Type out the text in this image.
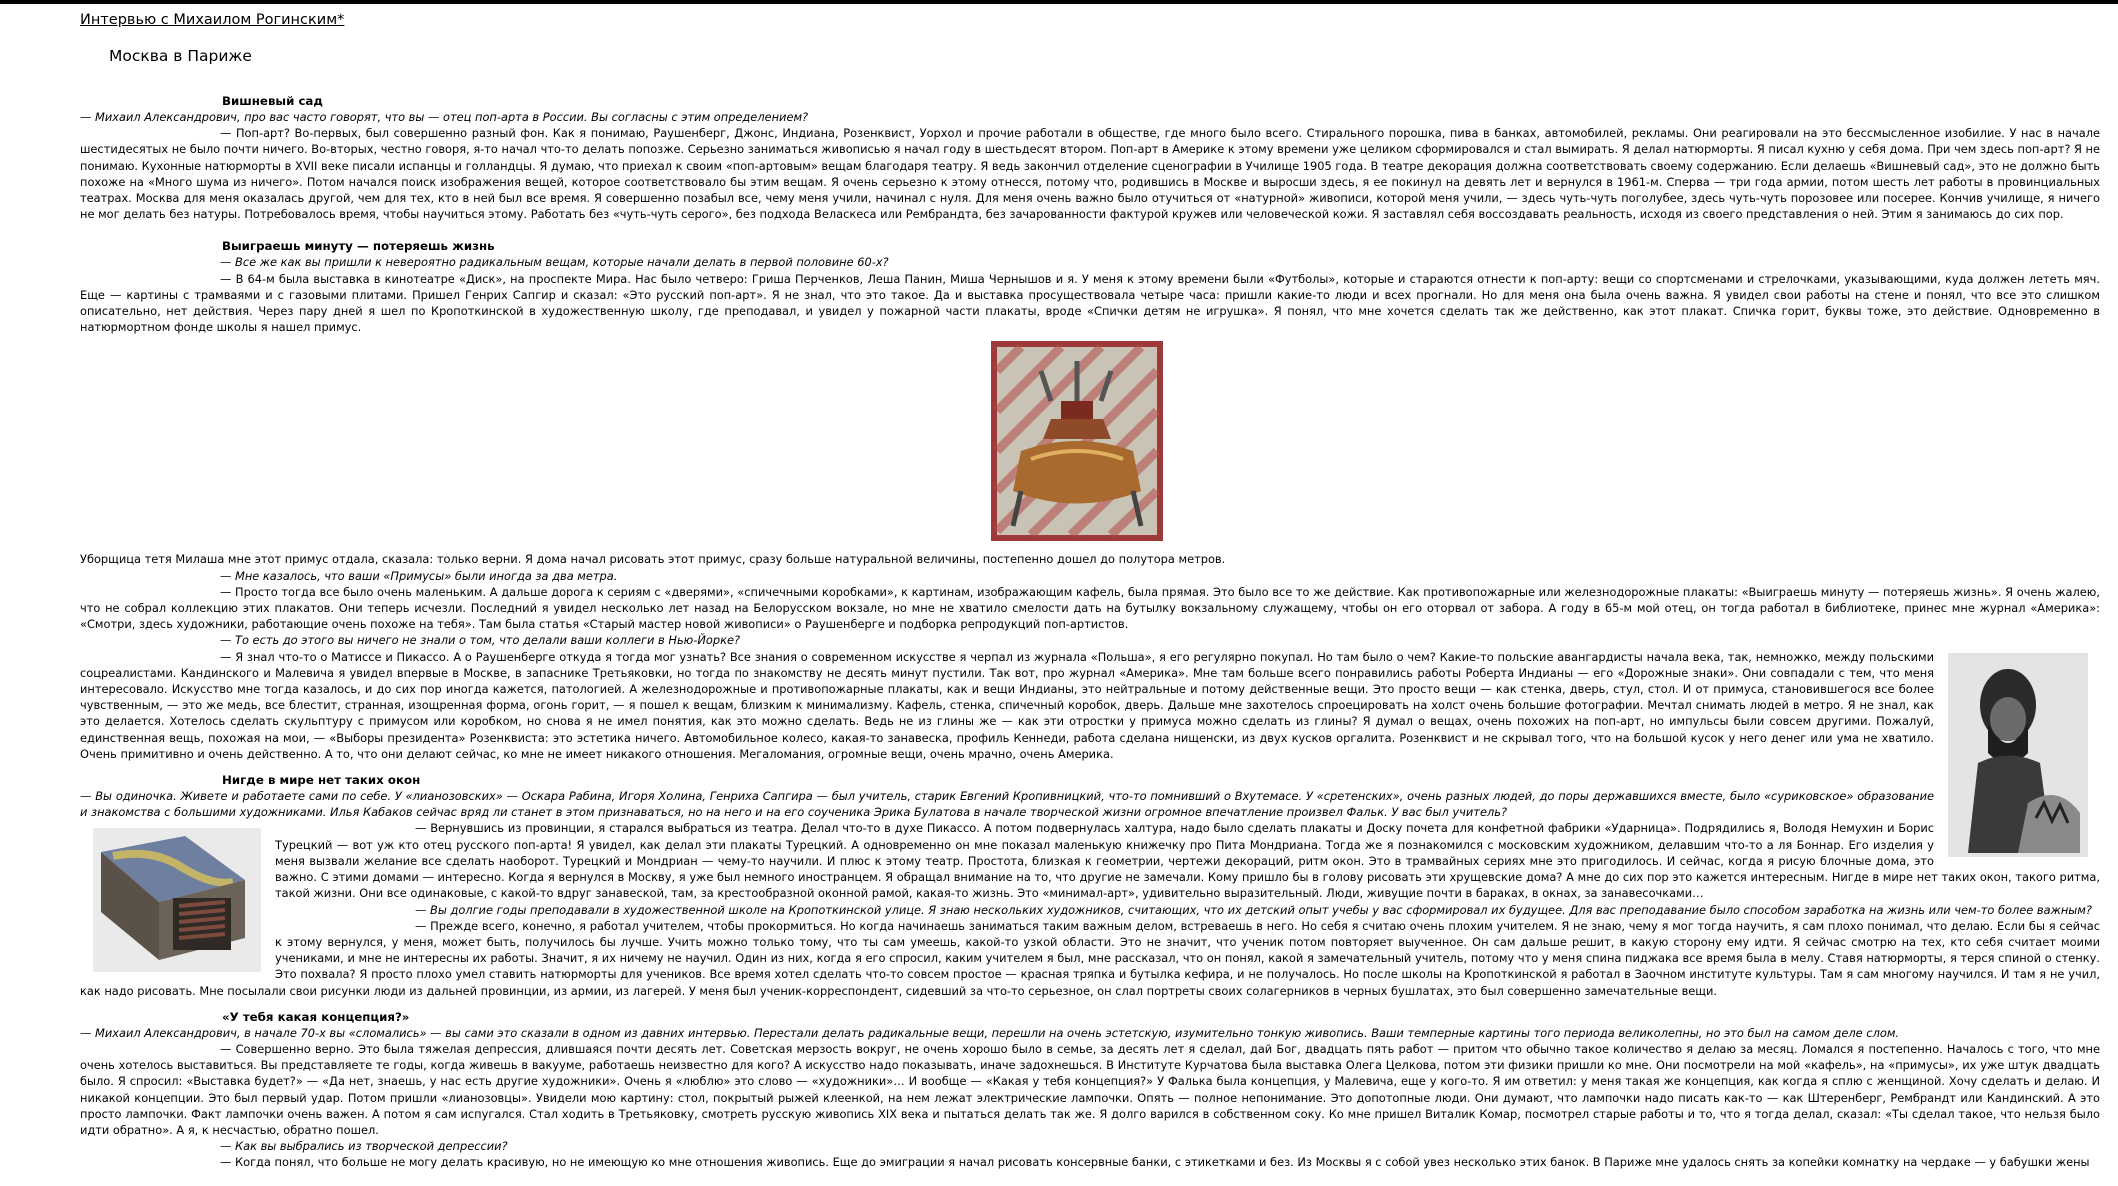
Интервью с Михаилом Рогинским*
Москва в Париже
Вишневый сад

— Михаил Александрович, про вас часто говорят, что вы — отец поп-арта в России. Вы согласны с этим определением?

— Поп-арт? Во-первых, был совершенно разный фон. Как я понимаю, Раушенберг, Джонс, Индиана, Розенквист, Уорхол и прочие работали в обществе, где много было всего. Стирального порошка, пива в банках, автомобилей, рекламы. Они реагировали на это бессмысленное изобилие. У нас в начале шестидесятых не было почти ничего. Во-вторых, честно говоря, я-то начал что-то делать попозже. Серьезно заниматься живописью я начал году в шестьдесят втором. Поп-арт в Америке к этому времени уже целиком сформировался и стал вымирать. Я делал натюрморты. Я писал кухню у себя дома. При чем здесь поп-арт? Я не понимаю. Кухонные натюрморты в XVII веке писали испанцы и голландцы. Я думаю, что приехал к своим «поп-артовым» вещам благодаря театру. Я ведь закончил отделение сценографии в Училище 1905 года. В театре декорация должна соответствовать своему содержанию. Если делаешь «Вишневый сад», это не должно быть похоже на «Много шума из ничего». Потом начался поиск изображения вещей, которое соответствовало бы этим вещам. Я очень серьезно к этому отнесся, потому что, родившись в Москве и выросши здесь, я ее покинул на девять лет и вернулся в 1961-м. Сперва — три года армии, потом шесть лет работы в провинциальных театрах. Москва для меня оказалась другой, чем для тех, кто в ней был все время. Я совершенно позабыл все, чему меня учили, начинал с нуля. Для меня очень важно было отучиться от «натурной» живописи, которой меня учили, — здесь чуть-чуть поголубее, здесь чуть-чуть порозовее или посерее. Кончив училище, я ничего не мог делать без натуры. Потребовалось время, чтобы научиться этому. Работать без «чуть-чуть серого», без подхода Веласкеса или Рембрандта, без зачарованности фактурой кружев или человеческой кожи. Я заставлял себя воссоздавать реальность, исходя из своего представления о ней. Этим я занимаюсь до сих пор.

Выиграешь минуту — потеряешь жизнь

— Все же как вы пришли к невероятно радикальным вещам, которые начали делать в первой половине 60-х?

— В 64-м была выставка в кинотеатре «Диск», на проспекте Мира. Нас было четверо: Гриша Перченков, Леша Панин, Миша Чернышов и я. У меня к этому времени были «Футболы», которые и стараются отнести к поп-арту: вещи со спортсменами и стрелочками, указывающими, куда должен лететь мяч. Еще — картины с трамваями и с газовыми плитами. Пришел Генрих Сапгир и сказал: «Это русский поп-арт». Я не знал, что это такое. Да и выставка просуществовала четыре часа: пришли какие-то люди и всех прогнали. Но для меня она была очень важна. Я увидел свои работы на стене и понял, что все это слишком описательно, нет действия. Через пару дней я шел по Кропоткинской в художественную школу, где преподавал, и увидел у пожарной части плакаты, вроде «Спички детям не игрушка». Я понял, что мне хочется сделать так же действенно, как этот плакат. Спичка горит, буквы тоже, это действие. Одновременно в натюрмортном фонде школы я нашел примус.

Уборщица тетя Милаша мне этот примус отдала, сказала: только верни. Я дома начал рисовать этот примус, сразу больше натуральной величины, постепенно дошел до полутора метров.

— Мне казалось, что ваши «Примусы» были иногда за два метра.

— Просто тогда все было очень маленьким. А дальше дорога к сериям с «дверями», «спичечными коробками», к картинам, изображающим кафель, была прямая. Это было все то же действие. Как противопожарные или железнодорожные плакаты: «Выиграешь минуту — потеряешь жизнь». Я очень жалею, что не собрал коллекцию этих плакатов. Они теперь исчезли. Последний я увидел несколько лет назад на Белорусском вокзале, но мне не хватило смелости дать на бутылку вокзальному служащему, чтобы он его оторвал от забора. А году в 65-м мой отец, он тогда работал в библиотеке, принес мне журнал «Америка»: «Смотри, здесь художники, работающие очень похоже на тебя». Там была статья «Старый мастер новой живописи» о Раушенберге и подборка репродукций поп-артистов.

— То есть до этого вы ничего не знали о том, что делали ваши коллеги в Нью-Йорке?

— Я знал что-то о Матиссе и Пикассо. А о Раушенберге откуда я тогда мог узнать? Все знания о современном искусстве я черпал из журнала «Польша», я его регулярно покупал. Но там было о чем? Какие-то польские авангардисты начала века, так, немножко, между польскими соцреалистами. Кандинского и Малевича я увидел впервые в Москве, в запаснике Третьяковки, но тогда по знакомству не десять минут пустили. Так вот, про журнал «Америка». Мне там больше всего понравились работы Роберта Индианы — его «Дорожные знаки». Они совпадали с тем, что меня интересовало. Искусство мне тогда казалось, и до сих пор иногда кажется, патологией. А железнодорожные и противопожарные плакаты, как и вещи Индианы, это нейтральные и потому действенные вещи. Это просто вещи — как стенка, дверь, стул, стол. И от примуса, становившегося все более чувственным, — это же медь, все блестит, странная, изощренная форма, огонь горит, — я пошел к вещам, близким к минимализму. Кафель, стенка, спичечный коробок, дверь. Дальше мне захотелось спроецировать на холст очень большие фотографии. Мечтал снимать людей в метро. Я не знал, как это делается. Хотелось сделать скульптуру с примусом или коробком, но снова я не имел понятия, как это можно сделать. Ведь не из глины же — как эти отростки у примуса можно сделать из глины? Я думал о вещах, очень похожих на поп-арт, но импульсы были совсем другими. Пожалуй, единственная вещь, похожая на мои, — «Выборы президента» Розенквиста: это эстетика ничего. Автомобильное колесо, какая-то занавеска, профиль Кеннеди, работа сделана нищенски, из двух кусков оргалита. Розенквист и не скрывал того, что на большой кусок у него денег или ума не хватило. Очень примитивно и очень действенно. А то, что они делают сейчас, ко мне не имеет никакого отношения. Мегаломания, огромные вещи, очень мрачно, очень Америка.

Нигде в мире нет таких окон

— Вы одиночка. Живете и работаете сами по себе. У «лианозовских» — Оскара Рабина, Игоря Холина, Генриха Сапгира — был учитель, старик Евгений Кропивницкий, что-то помнивший о Вхутемасе. У «сретенских», очень разных людей, до поры державшихся вместе, было «суриковское» образование и знакомства с большими художниками. Илья Кабаков сейчас вряд ли станет в этом признаваться, но на него и на его соученика Эрика Булатова в начале творческой жизни огромное впечатление произвел Фальк. У вас был учитель?

— Вернувшись из провинции, я старался выбраться из театра. Делал что-то в духе Пикассо. А потом подвернулась халтура, надо было сделать плакаты и Доску почета для конфетной фабрики «Ударница». Подрядились я, Володя Немухин и Борис Турецкий — вот уж кто отец русского поп-арта! Я увидел, как делал эти плакаты Турецкий. А одновременно он мне показал маленькую книжечку про Пита Мондриана. Тогда же я познакомился с московским художником, делавшим что-то а ля Боннар. Его изделия у меня вызвали желание все сделать наоборот. Турецкий и Мондриан — чему-то научили. И плюс к этому театр. Простота, близкая к геометрии, чертежи декораций, ритм окон. Это в трамвайных сериях мне это пригодилось. И сейчас, когда я рисую блочные дома, это важно. С этими домами — интересно. Когда я вернулся в Москву, я уже был немного иностранцем. Я обращал внимание на то, что другие не замечали. Кому пришло бы в голову рисовать эти хрущевские дома? А мне до сих пор это кажется интересным. Нигде в мире нет таких окон, такого ритма, такой жизни. Они все одинаковые, с какой-то вдруг занавеской, там, за крестообразной оконной рамой, какая-то жизнь. Это «минимал-арт», удивительно выразительный. Люди, живущие почти в бараках, в окнах, за занавесочками…

— Вы долгие годы преподавали в художественной школе на Кропоткинской улице. Я знаю нескольких художников, считающих, что их детский опыт учебы у вас сформировал их будущее. Для вас преподавание было способом заработка на жизнь или чем-то более важным?

— Прежде всего, конечно, я работал учителем, чтобы прокормиться. Но когда начинаешь заниматься таким важным делом, встреваешь в него. Но себя я считаю очень плохим учителем. Я не знаю, чему я мог тогда научить, я сам плохо понимал, что делаю. Если бы я сейчас к этому вернулся, у меня, может быть, получилось бы лучше. Учить можно только тому, что ты сам умеешь, какой-то узкой области. Это не значит, что ученик потом повторяет выученное. Он сам дальше решит, в какую сторону ему идти. Я сейчас смотрю на тех, кто себя считает моими учениками, и мне не интересны их работы. Значит, я их ничему не научил. Один из них, когда я его спросил, каким учителем я был, мне рассказал, что он понял, какой я замечательный учитель, потому что у меня спина пиджака все время была в мелу. Ставя натюрморты, я терся спиной о стенку. Это похвала? Я просто плохо умел ставить натюрморты для учеников. Все время хотел сделать что-то совсем простое — красная тряпка и бутылка кефира, и не получалось. Но после школы на Кропоткинской я работал в Заочном институте культуры. Там я сам многому научился. И там я не учил, как надо рисовать. Мне посылали свои рисунки люди из дальней провинции, из армии, из лагерей. У меня был ученик-корреспондент, сидевший за что-то серьезное, он слал портреты своих солагерников в черных бушлатах, это был совершенно замечательные вещи.

«У тебя какая концепция?»

— Михаил Александрович, в начале 70-х вы «сломались» — вы сами это сказали в одном из давних интервью. Перестали делать радикальные вещи, перешли на очень эстетскую, изумительно тонкую живопись. Ваши темперные картины того периода великолепны, но это был на самом деле слом.

— Совершенно верно. Это была тяжелая депрессия, длившаяся почти десять лет. Советская мерзость вокруг, не очень хорошо было в семье, за десять лет я сделал, дай Бог, двадцать пять работ — притом что обычно такое количество я делаю за месяц. Ломался я постепенно. Началось с того, что мне очень хотелось выставиться. Вы представляете те годы, когда живешь в вакууме, работаешь неизвестно для кого? А искусство надо показывать, иначе задохнешься. В Институте Курчатова была выставка Олега Целкова, потом эти физики пришли ко мне. Они посмотрели на мой «кафель», на «примусы», их уже штук двадцать было. Я спросил: «Выставка будет?» — «Да нет, знаешь, у нас есть другие художники». Очень я «люблю» это слово — «художники»… И вообще — «Какая у тебя концепция?» У Фалька была концепция, у Малевича, еще у кого-то. Я им ответил: у меня такая же концепция, как когда я сплю с женщиной. Хочу сделать и делаю. И никакой концепции. Это был первый удар. Потом пришли «лианозовцы». Увидели мою картину: стол, покрытый рыжей клеенкой, на нем лежат электрические лампочки. Опять — полное непонимание. Это допотопные люди. Они думают, что лампочки надо писать как-то — как Штеренберг, Рембрандт или Кандинский. А это просто лампочки. Факт лампочки очень важен. А потом я сам испугался. Стал ходить в Третьяковку, смотреть русскую живопись XIX века и пытаться делать так же. Я долго варился в собственном соку. Ко мне пришел Виталик Комар, посмотрел старые работы и то, что я тогда делал, сказал: «Ты сделал такое, что нельзя было идти обратно». А я, к несчастью, обратно пошел.

— Как вы выбрались из творческой депрессии?

— Когда понял, что больше не могу делать красивую, но не имеющую ко мне отношения живопись. Еще до эмиграции я начал рисовать консервные банки, с этикетками и без. Из Москвы я с собой увез несколько этих банок. В Париже мне удалось снять за копейки комнатку на чердаке — у бабушки жены
